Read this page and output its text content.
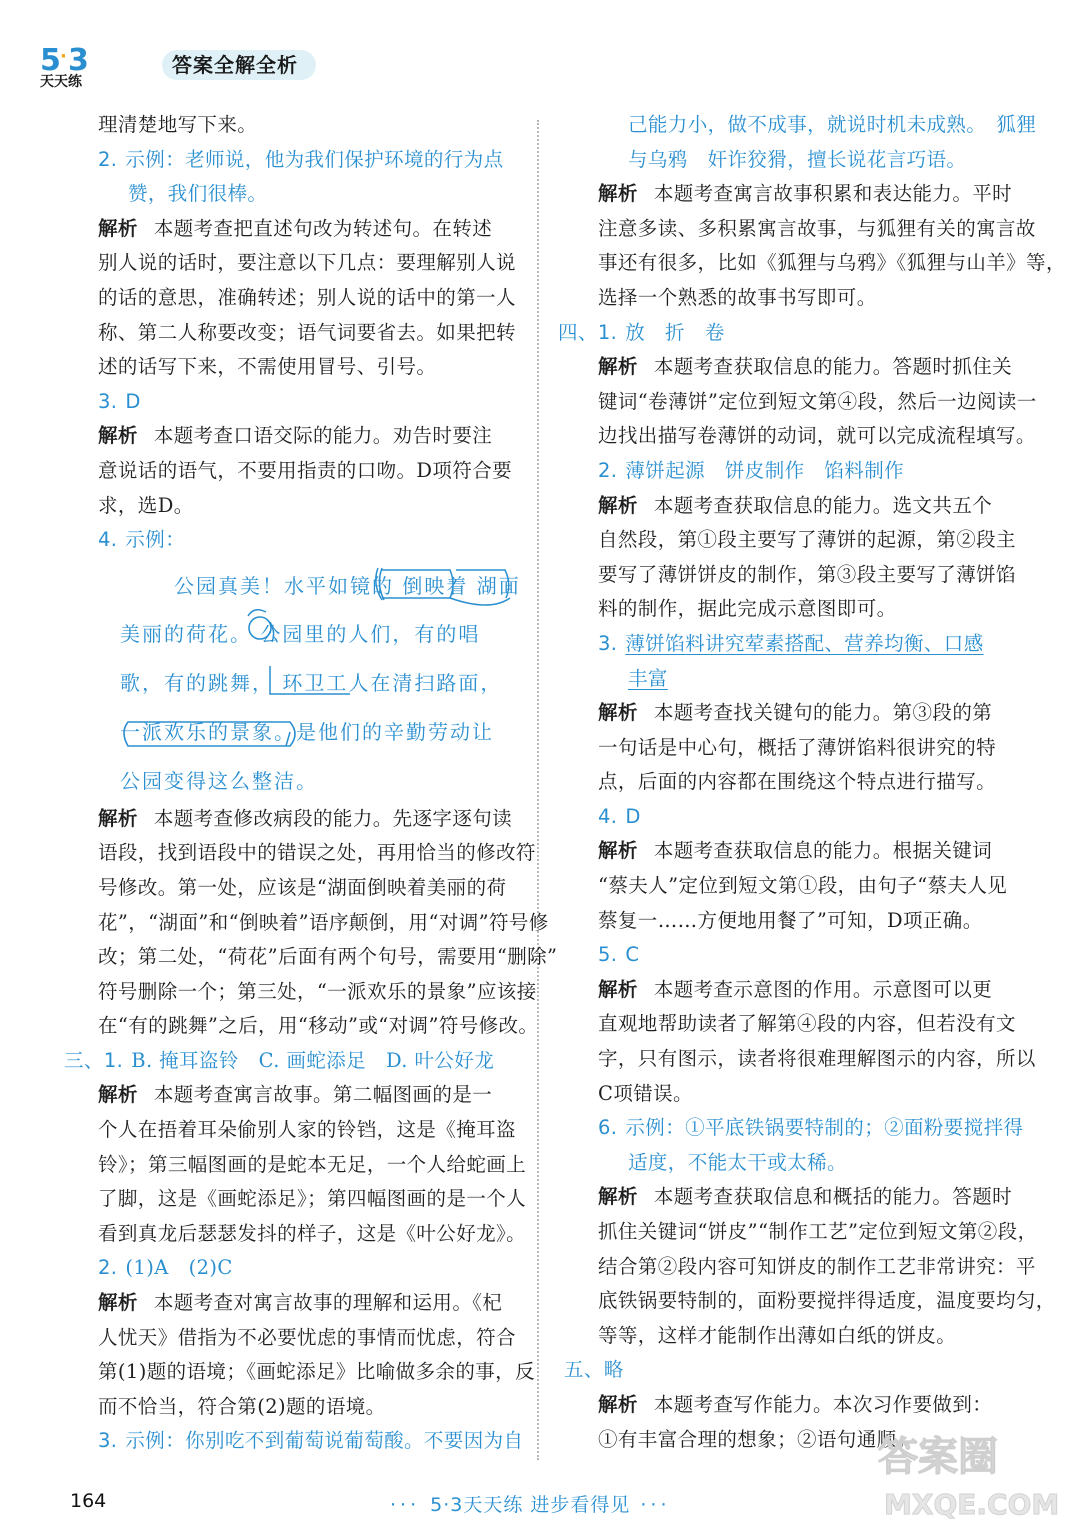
5 · 3
天天练
答案全解全析
理清楚地写下来。
2. 示例：老师说，他为我们保护环境的行为点
赞，我们很棒。
解析 本题考查把直述句改为转述句。在转述
别人说的话时，要注意以下几点：要理解别人说
的话的意思，准确转述；别人说的话中的第一人
称、第二人称要改变；语气词要省去。如果把转
述的话写下来，不需使用冒号、引号。
3. D
解析 本题考查口语交际的能力。劝告时要注
意说话的语气，不要用指责的口吻。D项符合要
求，选D。
4. 示例：
公园真美！水平如镜的 倒映着 湖面
美丽的荷花。 公园里的人们，有的唱
歌，有的跳舞， 环卫工人在清扫路面，
一派欢乐的景象。是他们的辛勤劳动让
公园变得这么整洁。
解析 本题考查修改病段的能力。先逐字逐句读
语段，找到语段中的错误之处，再用恰当的修改符
号修改。第一处，应该是“湖面倒映着美丽的荷
花”，“湖面”和“倒映着”语序颠倒，用“对调”符号修
改；第二处，“荷花”后面有两个句号，需要用“删除”
符号删除一个；第三处，“一派欢乐的景象”应该接
在“有的跳舞”之后，用“移动”或“对调”符号修改。
三、1. B. 掩耳盗铃　C. 画蛇添足　D. 叶公好龙
解析 本题考查寓言故事。第二幅图画的是一
个人在捂着耳朵偷别人家的铃铛，这是《掩耳盗
铃》；第三幅图画的是蛇本无足，一个人给蛇画上
了脚，这是《画蛇添足》；第四幅图画的是一个人
看到真龙后瑟瑟发抖的样子，这是《叶公好龙》。
2. (1)A　(2)C
解析 本题考查对寓言故事的理解和运用。《杞
人忧天》借指为不必要忧虑的事情而忧虑，符合
第(1)题的语境；《画蛇添足》比喻做多余的事，反
而不恰当，符合第(2)题的语境。
3. 示例：你别吃不到葡萄说葡萄酸。不要因为自
己能力小，做不成事，就说时机未成熟。　狐狸
与乌鸦　奸诈狡猾，擅长说花言巧语。
解析 本题考查寓言故事积累和表达能力。平时
注意多读、多积累寓言故事，与狐狸有关的寓言故
事还有很多，比如《狐狸与乌鸦》《狐狸与山羊》等，
选择一个熟悉的故事书写即可。
四、1. 放　折　卷
解析 本题考查获取信息的能力。答题时抓住关
键词“卷薄饼”定位到短文第④段，然后一边阅读一
边找出描写卷薄饼的动词，就可以完成流程填写。
2. 薄饼起源　饼皮制作　馅料制作
解析 本题考查获取信息的能力。选文共五个
自然段，第①段主要写了薄饼的起源，第②段主
要写了薄饼饼皮的制作，第③段主要写了薄饼馅
料的制作，据此完成示意图即可。
3. 薄饼馅料讲究荤素搭配、营养均衡、口感
丰富
解析 本题考查找关键句的能力。第③段的第
一句话是中心句，概括了薄饼馅料很讲究的特
点，后面的内容都在围绕这个特点进行描写。
4. D
解析 本题考查获取信息的能力。根据关键词
“蔡夫人”定位到短文第①段，由句子“蔡夫人见
蔡复一……方便地用餐了”可知，D项正确。
5. C
解析 本题考查示意图的作用。示意图可以更
直观地帮助读者了解第④段的内容，但若没有文
字，只有图示，读者将很难理解图示的内容，所以
C项错误。
6. 示例：①平底铁锅要特制的；②面粉要搅拌得
适度，不能太干或太稀。
解析 本题考查获取信息和概括的能力。答题时
抓住关键词“饼皮”“制作工艺”定位到短文第②段，
结合第②段内容可知饼皮的制作工艺非常讲究：平
底铁锅要特制的，面粉要搅拌得适度，温度要均匀，
等等，这样才能制作出薄如白纸的饼皮。
五、略
解析 本题考查写作能力。本次习作要做到：
①有丰富合理的想象；②语句通顺。
164	··· 5·3天天练 进步看得见 ···
答案圈
MXQE.COM
